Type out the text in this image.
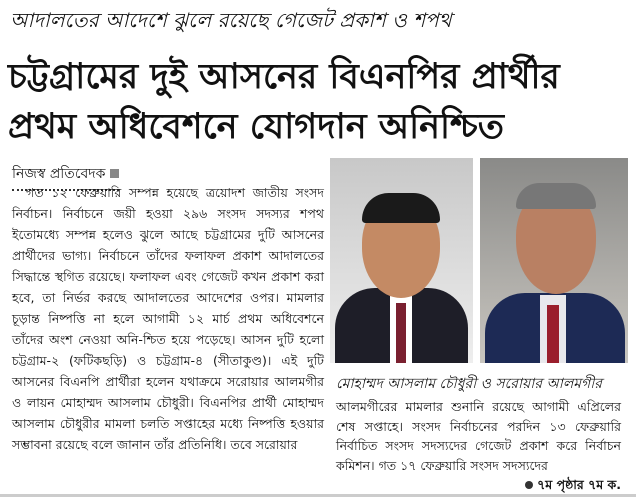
আদালতের আদেশে ঝুলে রয়েছে গেজেট প্রকাশ ও শপথ
চট্টগ্রামের দুই আসনের বিএনপির প্রার্থীর প্রথম অধিবেশনে যোগদান অনিশ্চিত
নিজস্ব প্রতিবেদক

গত ১২ ফেব্রুয়ারি সম্পন্ন হয়েছে ত্রয়োদশ জাতীয় সংসদ নির্বাচন। নির্বাচনে জয়ী হওয়া ২৯৬ সংসদ সদস্যর শপথ ইতোমধ্যে সম্পন্ন হলেও ঝুলে আছে চট্টগ্রামের দুটি আসনের প্রার্থীদের ভাগ্য। নির্বাচনে তাঁদের ফলাফল প্রকাশ আদালতের সিদ্ধান্তে স্থগিত রয়েছে। ফলাফল এবং গেজেট কখন প্রকাশ করা হবে, তা নির্ভর করছে আদালতের আদেশের ওপর। মামলার চূড়ান্ত নিষ্পত্তি না হলে আগামী ১২ মার্চ প্রথম অধিবেশনে তাঁদের অংশ নেওয়া অনি-শ্চিত হয়ে পড়েছে। আসন দুটি হলো চট্টগ্রাম-২ (ফটিকছড়ি) ও চট্টগ্রাম-৪ (সীতাকুণ্ড)। এই দুটি আসনের বিএনপি প্রার্থীরা হলেন যথাক্রমে সরোয়ার আলমগীর ও লায়ন মোহাম্মদ আসলাম চৌধুরী। বিএনপির প্রার্থী মোহাম্মদ আসলাম চৌধুরীর মামলা চলতি সপ্তাহের মধ্যে নিষ্পত্তি হওয়ার সম্ভাবনা রয়েছে বলে জানান তাঁর প্রতিনিধি। তবে সরোয়ার

মোহাম্মদ আসলাম চৌধুরী ও সরোয়ার আলমগীর

আলমগীরের মামলার শুনানি রয়েছে আগামী এপ্রিলের শেষ সপ্তাহে। সংসদ নির্বাচনের পরদিন ১৩ ফেব্রুয়ারি নির্বাচিত সংসদ সদস্যদের গেজেট প্রকাশ করে নির্বাচন কমিশন। গত ১৭ ফেব্রুয়ারি সংসদ সদস্যদের

৭ম পৃষ্ঠার ৭ম ক.
